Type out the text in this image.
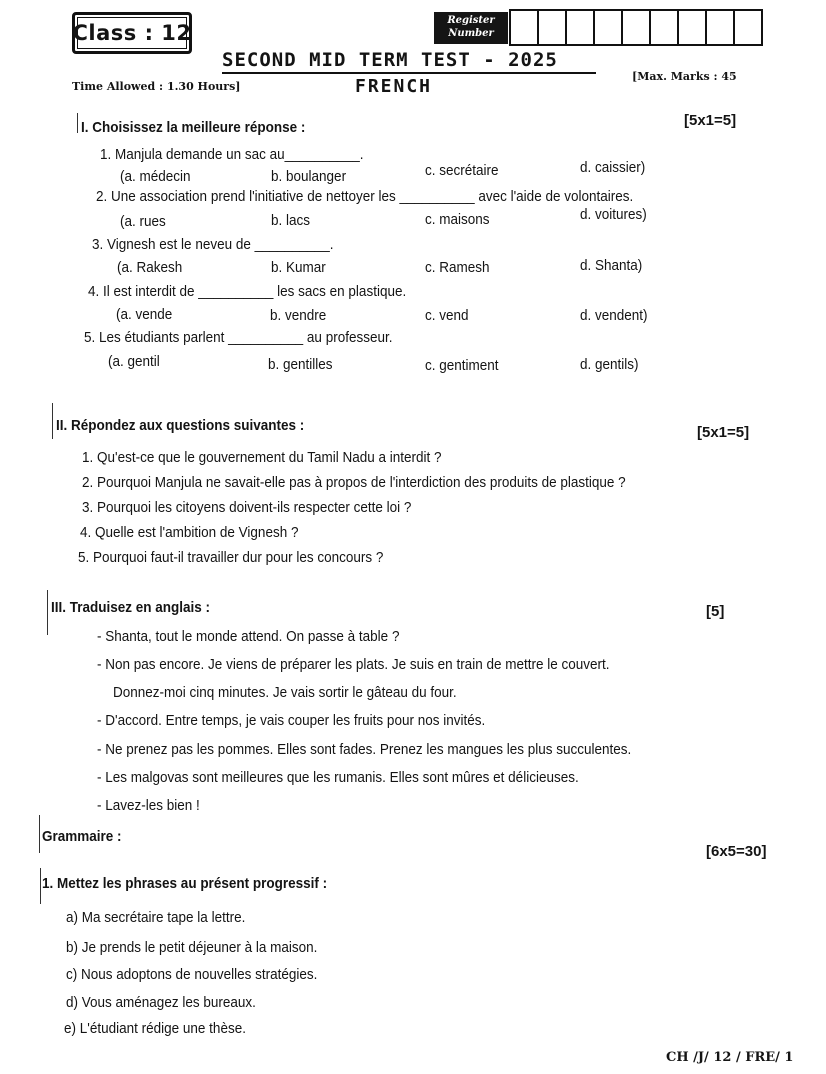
Class : 12
Register
Number
SECOND MID TERM TEST - 2025
Time Allowed : 1.30 Hours]	FRENCH	[Max. Marks : 45
I. Choisissez la meilleure réponse :	[5x1=5]
1. Manjula demande un sac au__________.
(a. médecin	b. boulanger	c. secrétaire	d. caissier)
2. Une association prend l'initiative de nettoyer les __________ avec l'aide de volontaires.
(a. rues	b. lacs	c. maisons	d. voitures)
3. Vignesh est le neveu de __________.
(a. Rakesh	b. Kumar	c. Ramesh	d. Shanta)
4. Il est interdit de __________ les sacs en plastique.
(a. vende	b. vendre	c. vend	d. vendent)
5. Les étudiants parlent __________ au professeur.
(a. gentil	b. gentilles	c. gentiment	d. gentils)
II. Répondez aux questions suivantes :	[5x1=5]
1. Qu'est-ce que le gouvernement du Tamil Nadu a interdit ?
2. Pourquoi Manjula ne savait-elle pas à propos de l'interdiction des produits de plastique ?
3. Pourquoi les citoyens doivent-ils respecter cette loi ?
4. Quelle est l'ambition de Vignesh ?
5. Pourquoi faut-il travailler dur pour les concours ?
III. Traduisez en anglais :	[5]
- Shanta, tout le monde attend. On passe à table ?
- Non pas encore. Je viens de préparer les plats. Je suis en train de mettre le couvert.
Donnez-moi cinq minutes. Je vais sortir le gâteau du four.
- D'accord. Entre temps, je vais couper les fruits pour nos invités.
- Ne prenez pas les pommes. Elles sont fades. Prenez les mangues les plus succulentes.
- Les malgovas sont meilleures que les rumanis. Elles sont mûres et délicieuses.
- Lavez-les bien !
Grammaire :
[6x5=30]
1. Mettez les phrases au présent progressif :
a) Ma secrétaire tape la lettre.
b) Je prends le petit déjeuner à la maison.
c) Nous adoptons de nouvelles stratégies.
d) Vous aménagez les bureaux.
e) L'étudiant rédige une thèse.
CH /J/ 12 / FRE/ 1
